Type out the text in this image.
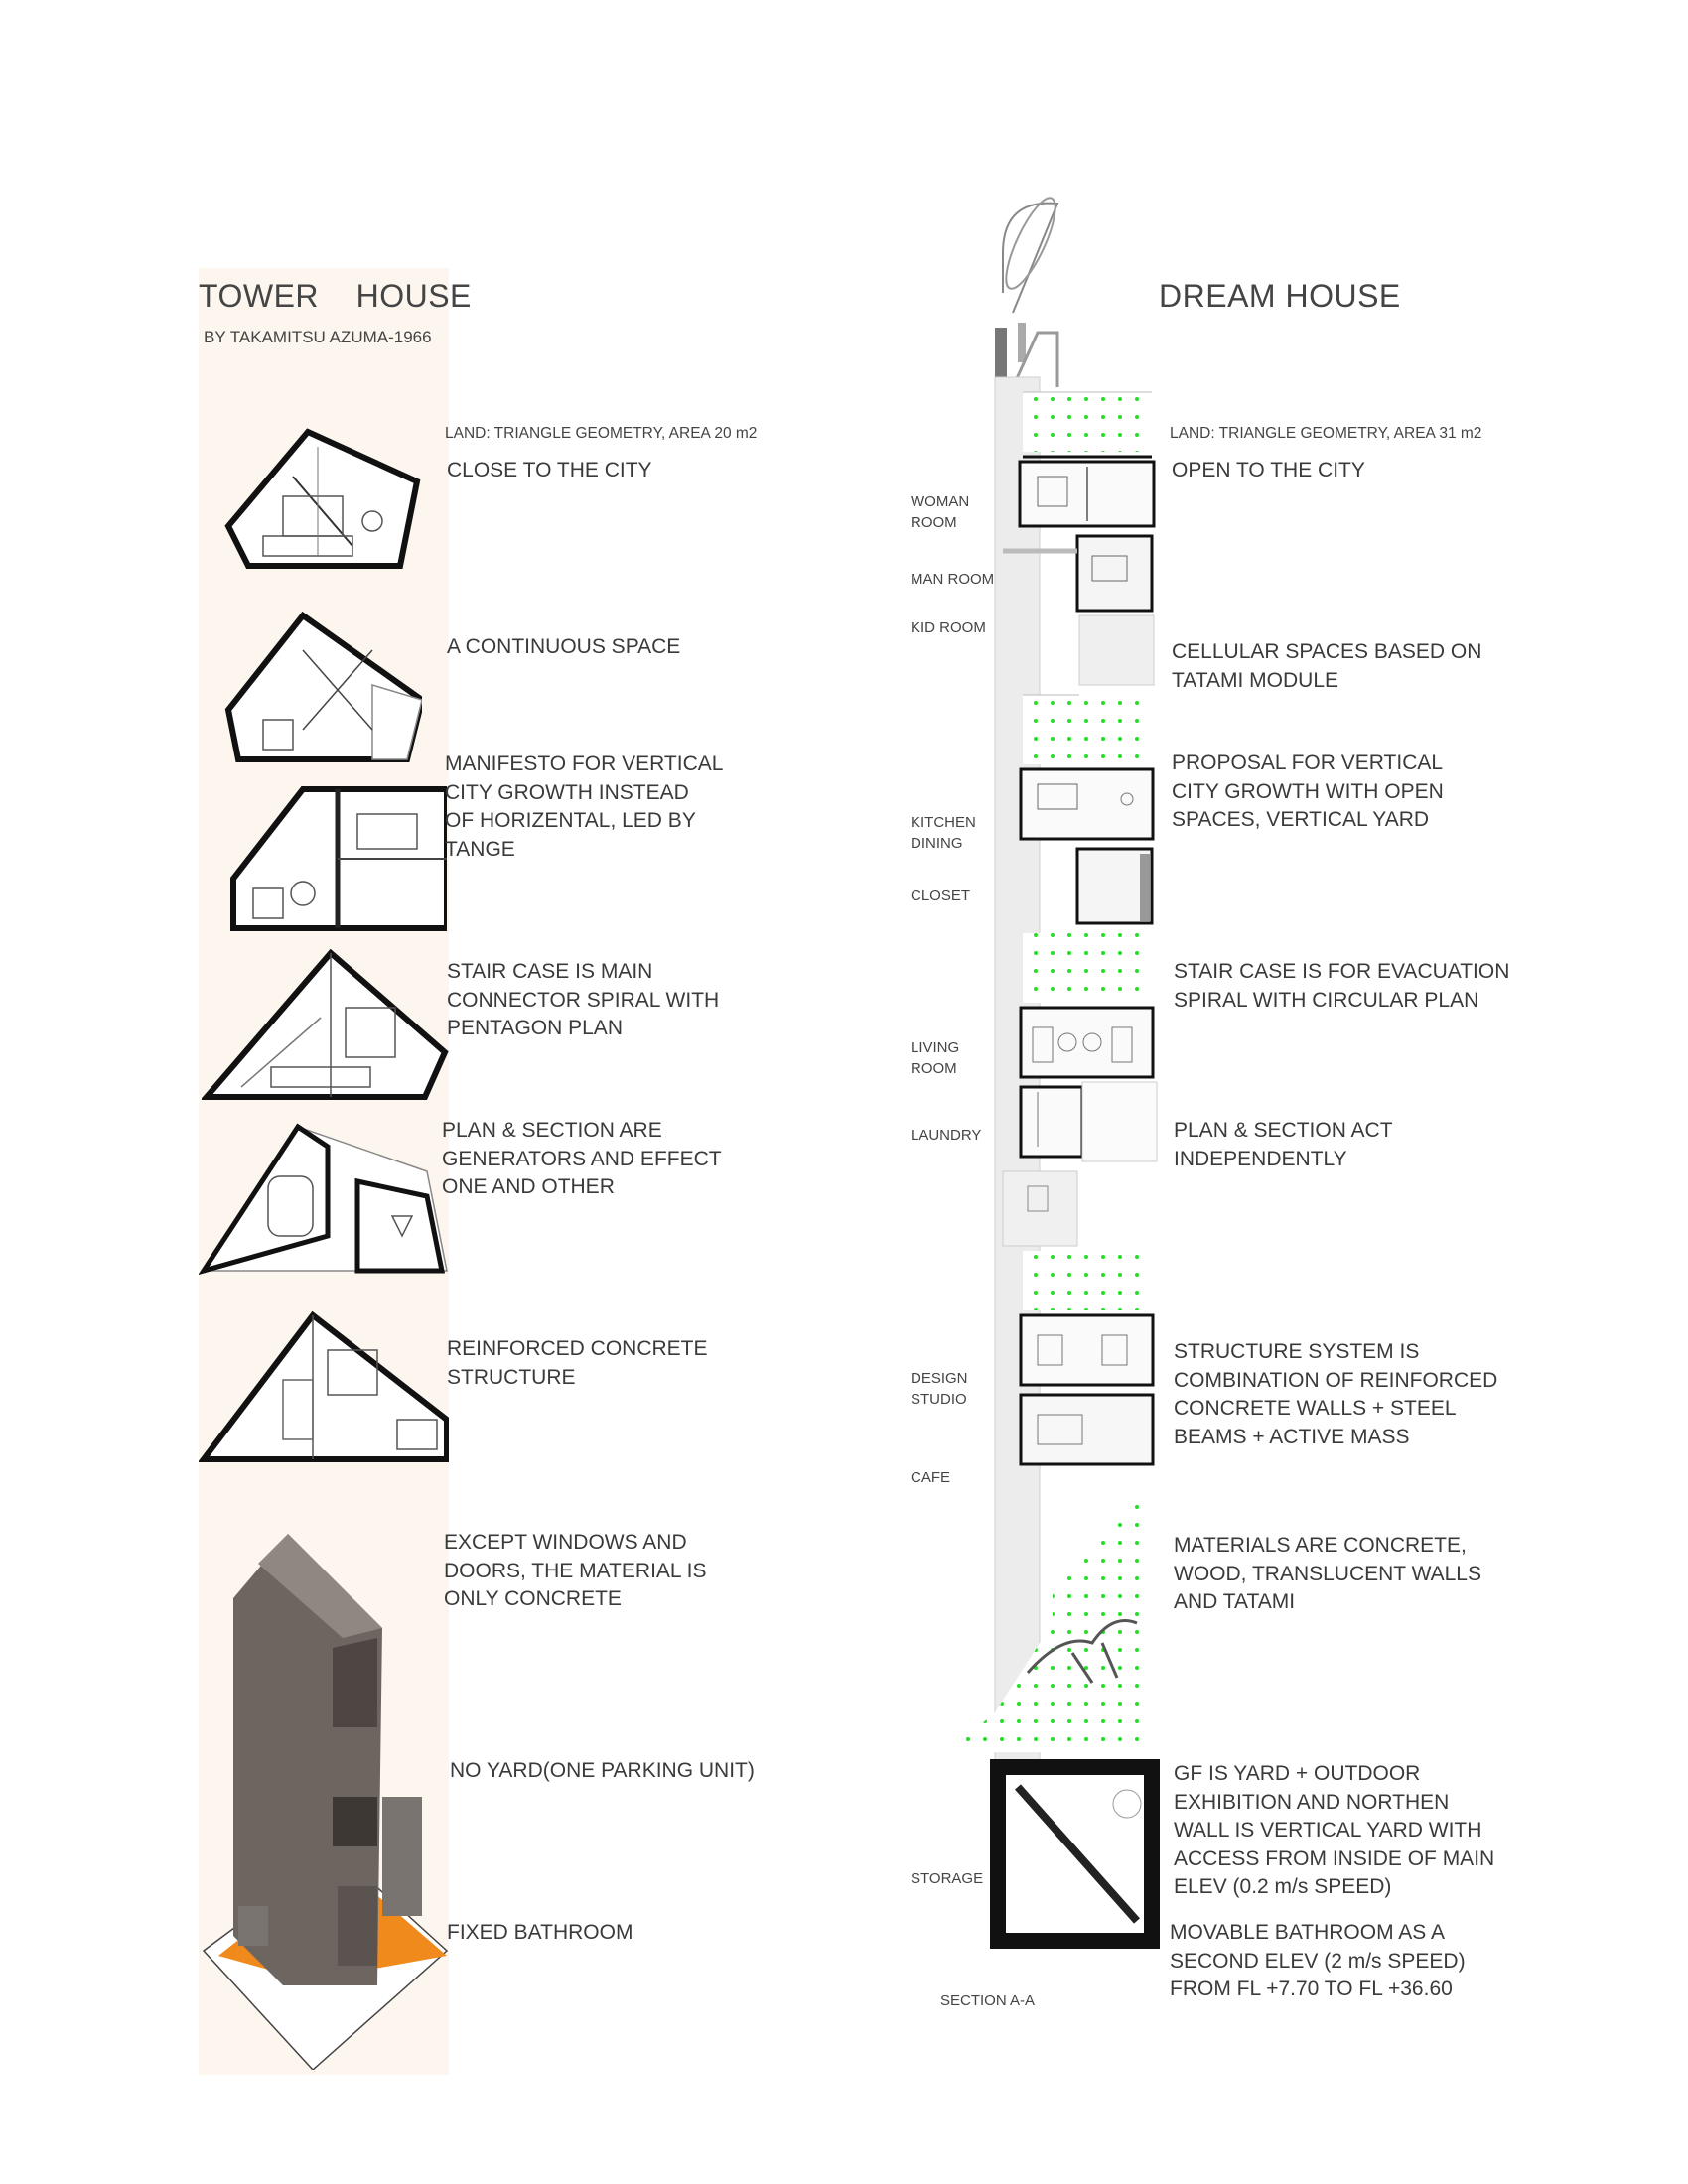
TOWER    HOUSE
BY TAKAMITSU AZUMA-1966
LAND: TRIANGLE GEOMETRY, AREA 20 m2
CLOSE TO THE CITY
A CONTINUOUS SPACE
MANIFESTO FOR VERTICAL CITY GROWTH INSTEAD OF HORIZENTAL, LED BY TANGE
STAIR CASE IS MAIN CONNECTOR SPIRAL WITH PENTAGON PLAN
PLAN & SECTION ARE GENERATORS AND EFFECT ONE AND OTHER
REINFORCED CONCRETE STRUCTURE
EXCEPT WINDOWS AND DOORS, THE MATERIAL IS ONLY CONCRETE
NO YARD(ONE PARKING UNIT)
FIXED BATHROOM
DREAM HOUSE
WOMAN ROOM
MAN ROOM
KID ROOM
KITCHEN DINING
CLOSET
LIVING ROOM
LAUNDRY
DESIGN STUDIO
CAFE
STORAGE
SECTION A-A
LAND: TRIANGLE GEOMETRY, AREA 31 m2
OPEN TO THE CITY
CELLULAR SPACES BASED ON TATAMI MODULE
PROPOSAL FOR VERTICAL CITY GROWTH WITH OPEN SPACES, VERTICAL YARD
STAIR CASE IS FOR EVACUATION SPIRAL WITH CIRCULAR PLAN
PLAN & SECTION ACT INDEPENDENTLY
STRUCTURE SYSTEM IS COMBINATION OF REINFORCED CONCRETE WALLS + STEEL BEAMS + ACTIVE MASS
MATERIALS ARE CONCRETE, WOOD, TRANSLUCENT WALLS AND TATAMI
GF IS YARD + OUTDOOR EXHIBITION AND NORTHEN WALL IS VERTICAL YARD WITH ACCESS FROM INSIDE OF MAIN ELEV (0.2 m/s SPEED)
MOVABLE BATHROOM AS A SECOND ELEV (2 m/s SPEED) FROM FL +7.70 TO FL +36.60
